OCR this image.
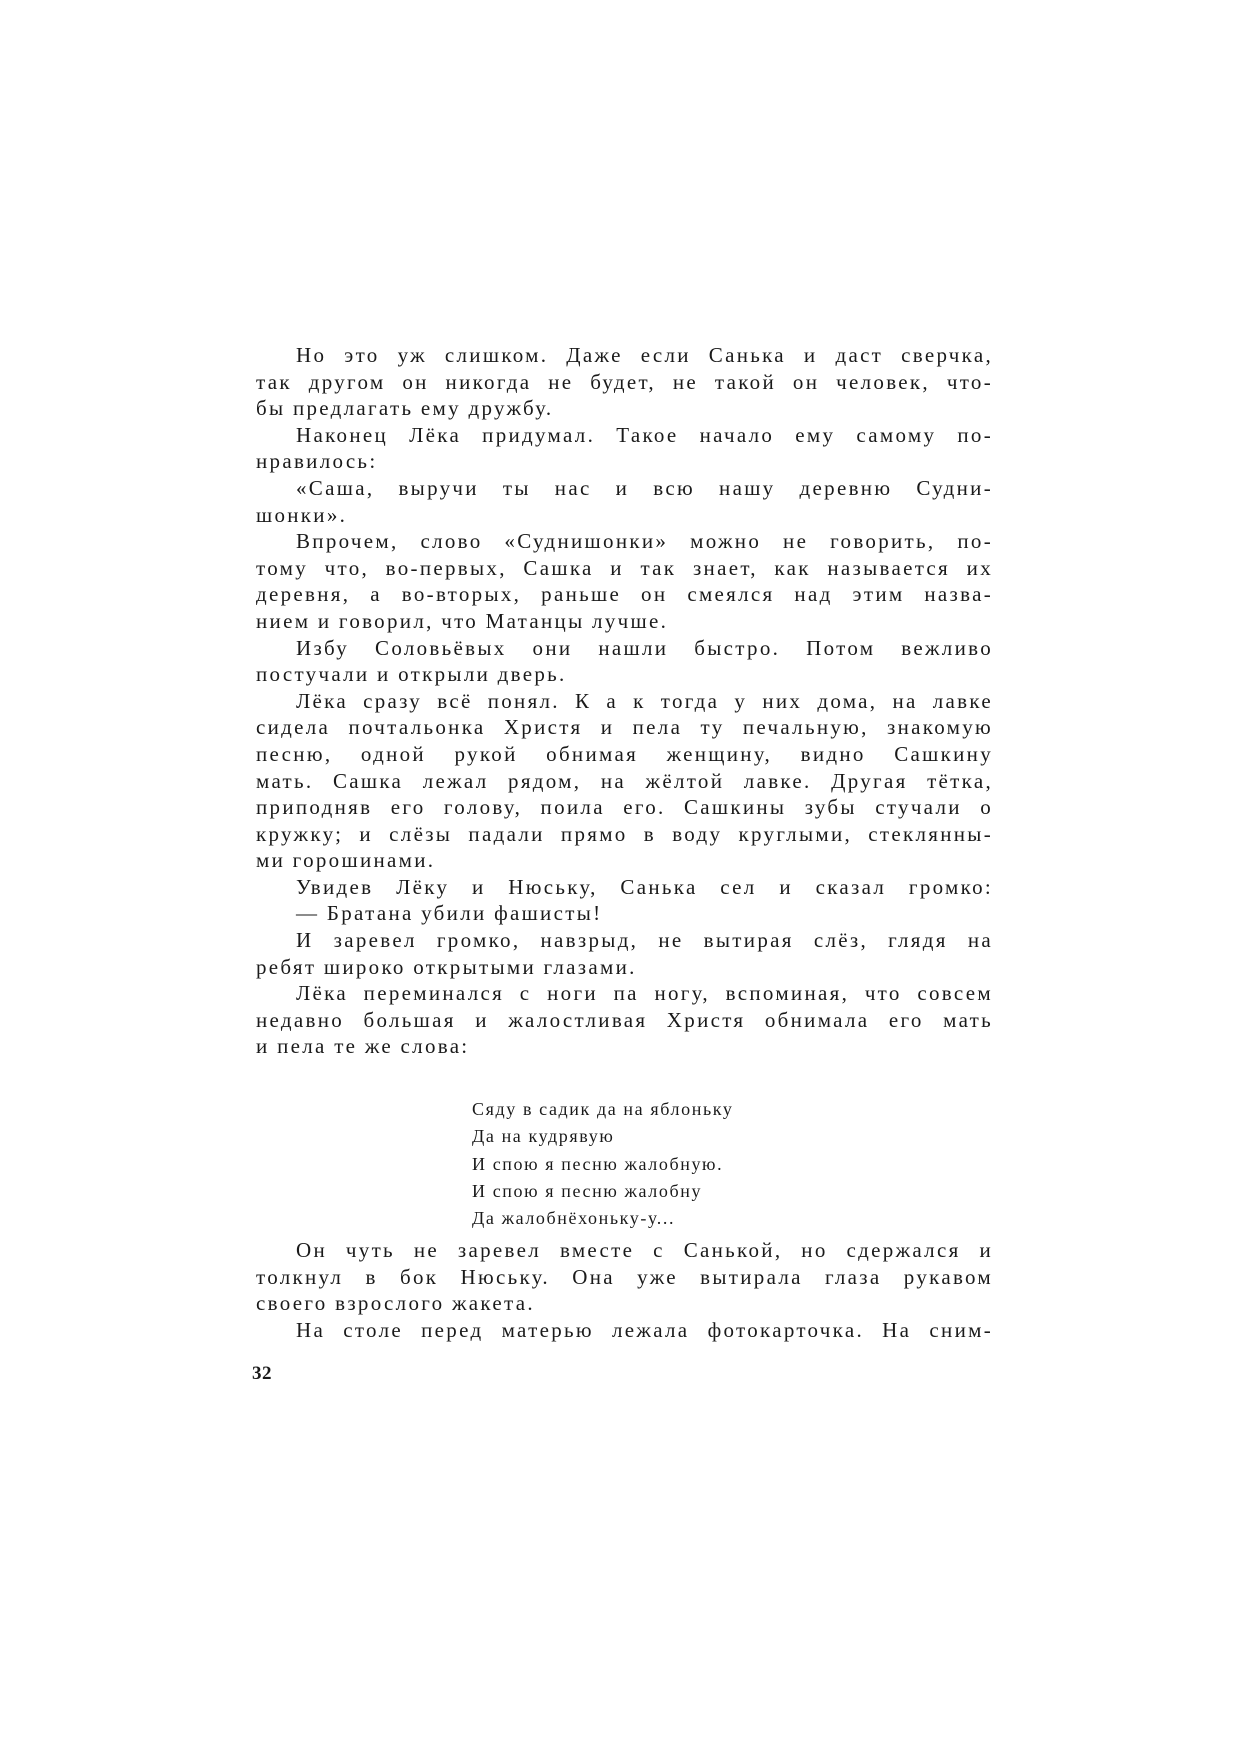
Но это уж слишком. Даже если Санька и даст сверчка,
так другом он никогда не будет, не такой он человек, что-
бы предлагать ему дружбу.
Наконец Лёка придумал. Такое начало ему самому по-
нравилось:
«Саша, выручи ты нас и всю нашу деревню Судни-
шонки».
Впрочем, слово «Суднишонки» можно не говорить, по-
тому что, во-первых, Сашка и так знает, как называется их
деревня, а во-вторых, раньше он смеялся над этим назва-
нием и говорил, что Матанцы лучше.
Избу Соловьёвых они нашли быстро. Потом вежливо
постучали и открыли дверь.
Лёка сразу всё понял. К а к тогда у них дома, на лавке
сидела почтальонка Христя и пела ту печальную, знакомую
песню, одной рукой обнимая женщину, видно Сашкину
мать. Сашка лежал рядом, на жёлтой лавке. Другая тётка,
приподняв его голову, поила его. Сашкины зубы стучали о
кружку; и слёзы падали прямо в воду круглыми, стеклянны-
ми горошинами.
Увидев Лёку и Нюську, Санька сел и сказал громко:
— Братана убили фашисты!
И заревел громко, навзрыд, не вытирая слёз, глядя на
ребят широко открытыми глазами.
Лёка переминался с ноги па ногу, вспоминая, что совсем
недавно большая и жалостливая Христя обнимала его мать
и пела те же слова:
Сяду в садик да на яблоньку
Да на кудрявую
И спою я песню жалобную.
И спою я песню жалобну
Да жалобнёхоньку-у...
Он чуть не заревел вместе с Санькой, но сдержался и
толкнул в бок Нюську. Она уже вытирала глаза рукавом
своего взрослого жакета.
На столе перед матерью лежала фотокарточка. На сним-
32
